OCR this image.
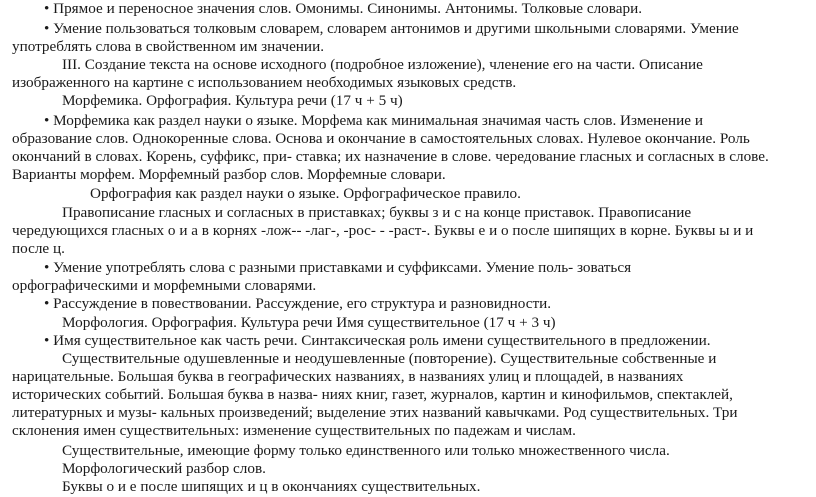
• Прямое и переносное значения слов. Омонимы. Синонимы. Антонимы. Толковые словари.
• Умение пользоваться толковым словарем, словарем антонимов и другими школьными словарями. Умение
употреблять слова в свойственном им значении.
III. Создание текста на основе исходного (подробное изложение), членение его на части. Описание
изображенного на картине с использованием необходимых языковых средств.
Морфемика. Орфография. Культура речи (17 ч + 5 ч)
• Морфемика как раздел науки о языке. Морфема как минимальная значимая часть слов. Изменение и
образование слов. Однокоренные слова. Основа и окончание в самостоятельных словах. Нулевое окончание. Роль
окончаний в словах. Корень, суффикс, при- ставка; их назначение в слове. чередование гласных и согласных в слове.
Варианты морфем. Морфемный разбор слов. Морфемные словари.
Орфография как раздел науки о языке. Орфографическое правило.
Правописание гласных и согласных в приставках; буквы з и с на конце приставок. Правописание
чередующихся гласных о и а в корнях -лож-- -лаг-, -рос- - -раст-. Буквы е и о после шипящих в корне. Буквы ы и и
после ц.
• Умение употреблять слова с разными приставками и суффиксами. Умение поль- зоваться
орфографическими и морфемными словарями.
• Рассуждение в повествовании. Рассуждение, его структура и разновидности.
Морфология. Орфография. Культура речи Имя существительное (17 ч + 3 ч)
• Имя существительное как часть речи. Синтаксическая роль имени существительного в предложении.
Существительные одушевленные и неодушевленные (повторение). Существительные собственные и
нарицательные. Большая буква в географических названиях, в названиях улиц и площадей, в названиях
исторических событий. Большая буква в назва- ниях книг, газет, журналов, картин и кинофильмов, спектаклей,
литературных и музы- кальных произведений; выделение этих названий кавычками. Род существительных. Три
склонения имен существительных: изменение существительных по падежам и числам.
Существительные, имеющие форму только единственного или только множественного числа.
Морфологический разбор слов.
Буквы о и е после шипящих и ц в окончаниях существительных.
